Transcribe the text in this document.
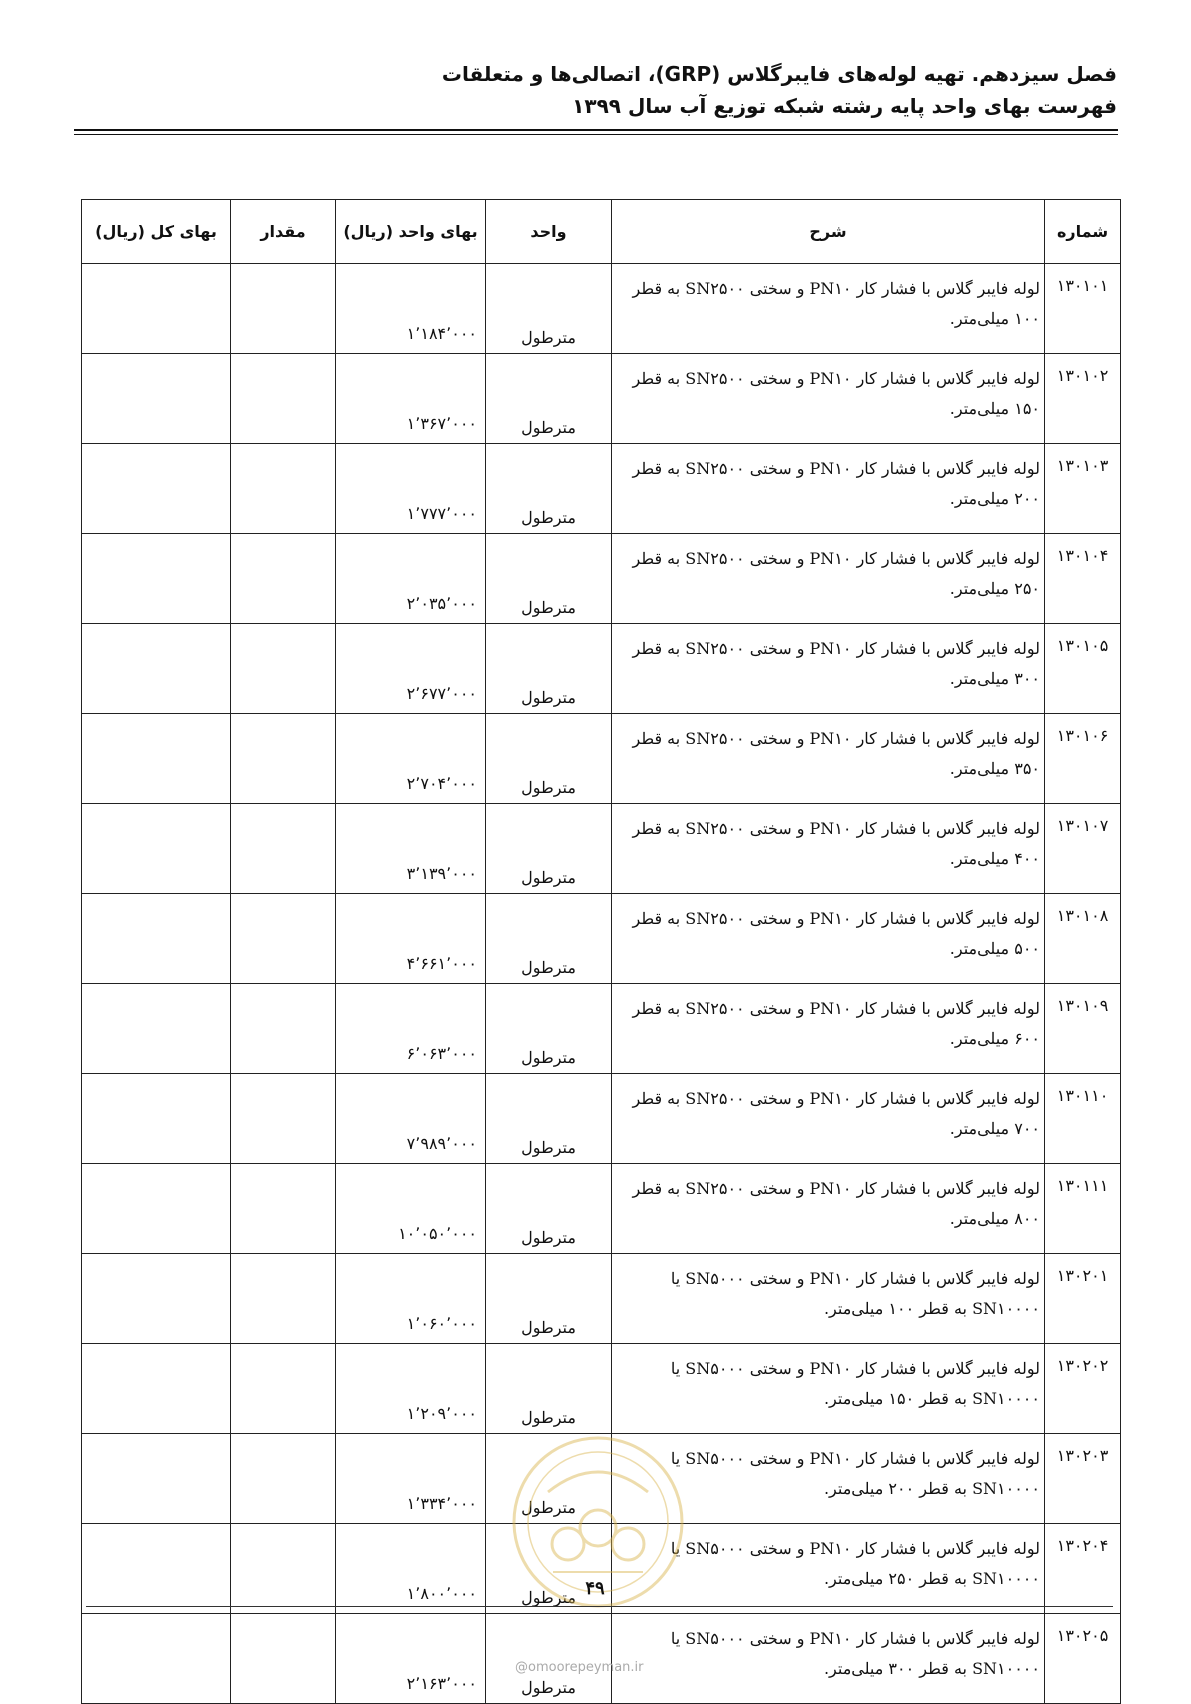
فصل سیزدهم. تهیه لوله‌های فایبرگلاس (GRP)، اتصالی‌ها و متعلقات
فهرست بهای واحد پایه رشته شبکه توزیع آب سال ۱۳۹۹
شماره	شرح	واحد	بهای واحد (ریال)	مقدار	بهای کل (ریال)
۱۳۰۱۰۱	لوله فایبر گلاس با فشار کار PN۱۰ و سختی SN۲۵۰۰ به قطر ۱۰۰ میلی‌متر.	مترطول	۱٬۱۸۴٬۰۰۰		
۱۳۰۱۰۲	لوله فایبر گلاس با فشار کار PN۱۰ و سختی SN۲۵۰۰ به قطر ۱۵۰ میلی‌متر.	مترطول	۱٬۳۶۷٬۰۰۰		
۱۳۰۱۰۳	لوله فایبر گلاس با فشار کار PN۱۰ و سختی SN۲۵۰۰ به قطر ۲۰۰ میلی‌متر.	مترطول	۱٬۷۷۷٬۰۰۰		
۱۳۰۱۰۴	لوله فایبر گلاس با فشار کار PN۱۰ و سختی SN۲۵۰۰ به قطر ۲۵۰ میلی‌متر.	مترطول	۲٬۰۳۵٬۰۰۰		
۱۳۰۱۰۵	لوله فایبر گلاس با فشار کار PN۱۰ و سختی SN۲۵۰۰ به قطر ۳۰۰ میلی‌متر.	مترطول	۲٬۶۷۷٬۰۰۰		
۱۳۰۱۰۶	لوله فایبر گلاس با فشار کار PN۱۰ و سختی SN۲۵۰۰ به قطر ۳۵۰ میلی‌متر.	مترطول	۲٬۷۰۴٬۰۰۰		
۱۳۰۱۰۷	لوله فایبر گلاس با فشار کار PN۱۰ و سختی SN۲۵۰۰ به قطر ۴۰۰ میلی‌متر.	مترطول	۳٬۱۳۹٬۰۰۰		
۱۳۰۱۰۸	لوله فایبر گلاس با فشار کار PN۱۰ و سختی SN۲۵۰۰ به قطر ۵۰۰ میلی‌متر.	مترطول	۴٬۶۶۱٬۰۰۰		
۱۳۰۱۰۹	لوله فایبر گلاس با فشار کار PN۱۰ و سختی SN۲۵۰۰ به قطر ۶۰۰ میلی‌متر.	مترطول	۶٬۰۶۳٬۰۰۰		
۱۳۰۱۱۰	لوله فایبر گلاس با فشار کار PN۱۰ و سختی SN۲۵۰۰ به قطر ۷۰۰ میلی‌متر.	مترطول	۷٬۹۸۹٬۰۰۰		
۱۳۰۱۱۱	لوله فایبر گلاس با فشار کار PN۱۰ و سختی SN۲۵۰۰ به قطر ۸۰۰ میلی‌متر.	مترطول	۱۰٬۰۵۰٬۰۰۰		
۱۳۰۲۰۱	لوله فایبر گلاس با فشار کار PN۱۰ و سختی SN۵۰۰۰ یا SN۱۰۰۰۰ به قطر ۱۰۰ میلی‌متر.	مترطول	۱٬۰۶۰٬۰۰۰		
۱۳۰۲۰۲	لوله فایبر گلاس با فشار کار PN۱۰ و سختی SN۵۰۰۰ یا SN۱۰۰۰۰ به قطر ۱۵۰ میلی‌متر.	مترطول	۱٬۲۰۹٬۰۰۰		
۱۳۰۲۰۳	لوله فایبر گلاس با فشار کار PN۱۰ و سختی SN۵۰۰۰ یا SN۱۰۰۰۰ به قطر ۲۰۰ میلی‌متر.	مترطول	۱٬۳۳۴٬۰۰۰		
۱۳۰۲۰۴	لوله فایبر گلاس با فشار کار PN۱۰ و سختی SN۵۰۰۰ یا SN۱۰۰۰۰ به قطر ۲۵۰ میلی‌متر.	مترطول	۱٬۸۰۰٬۰۰۰		
۱۳۰۲۰۵	لوله فایبر گلاس با فشار کار PN۱۰ و سختی SN۵۰۰۰ یا SN۱۰۰۰۰ به قطر ۳۰۰ میلی‌متر.	مترطول	۲٬۱۶۳٬۰۰۰		
۴۹
@omoorepeyman.ir
